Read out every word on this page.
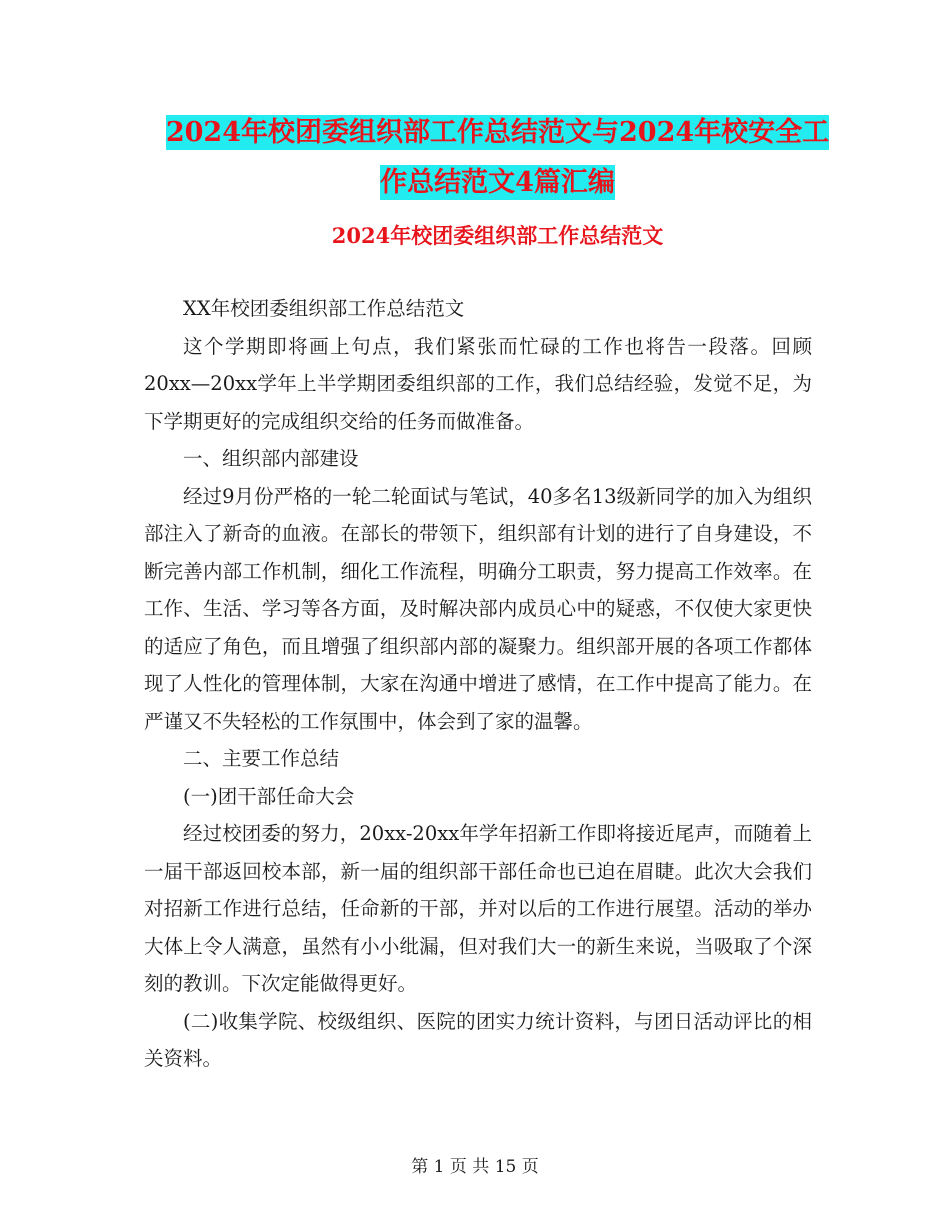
2024年校团委组织部工作总结范文与2024年校安全工
作总结范文4篇汇编
2024年校团委组织部工作总结范文

XX年校团委组织部工作总结范文

这个学期即将画上句点，我们紧张而忙碌的工作也将告一段落。回顾20xx—20xx学年上半学期团委组织部的工作，我们总结经验，发觉不足，为下学期更好的完成组织交给的任务而做准备。

一、组织部内部建设

经过9月份严格的一轮二轮面试与笔试，40多名13级新同学的加入为组织部注入了新奇的血液。在部长的带领下，组织部有计划的进行了自身建设，不断完善内部工作机制，细化工作流程，明确分工职责，努力提高工作效率。在工作、生活、学习等各方面，及时解决部内成员心中的疑惑，不仅使大家更快的适应了角色，而且增强了组织部内部的凝聚力。组织部开展的各项工作都体现了人性化的管理体制，大家在沟通中增进了感情，在工作中提高了能力。在严谨又不失轻松的工作氛围中，体会到了家的温馨。

二、主要工作总结

(一)团干部任命大会

经过校团委的努力，20xx-20xx年学年招新工作即将接近尾声，而随着上一届干部返回校本部，新一届的组织部干部任命也已迫在眉睫。此次大会我们对招新工作进行总结，任命新的干部，并对以后的工作进行展望。活动的举办大体上令人满意，虽然有小小纰漏，但对我们大一的新生来说，当吸取了个深刻的教训。下次定能做得更好。

(二)收集学院、校级组织、医院的团实力统计资料，与团日活动评比的相关资料。

第 1 页 共 15 页
